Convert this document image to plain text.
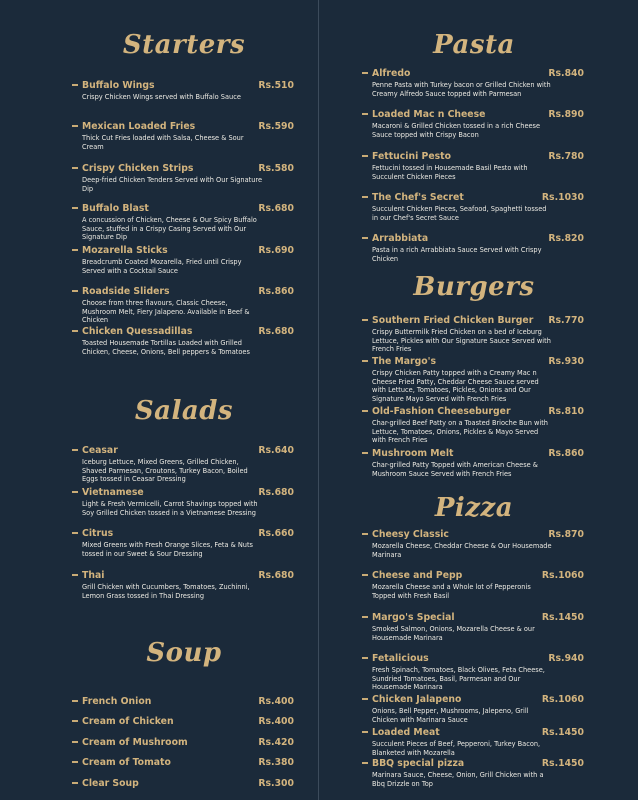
Starters
Buffalo Wings	Rs.510
Crispy Chicken Wings served with Buffalo Sauce
Mexican Loaded Fries	Rs.590
Thick Cut Fries loaded with Salsa, Cheese & Sour Cream
Crispy Chicken Strips	Rs.580
Deep-fried Chicken Tenders Served with Our Signature Dip
Buffalo Blast	Rs.680
A concussion of Chicken, Cheese & Our Spicy Buffalo Sauce, stuffed in a Crispy Casing Served with Our Signature Dip
Mozarella Sticks	Rs.690
Breadcrumb Coated Mozarella, Fried until Crispy Served with a Cocktail Sauce
Roadside Sliders	Rs.860
Choose from three flavours, Classic Cheese, Mushroom Melt, Fiery Jalapeno. Available in Beef & Chicken
Chicken Quessadillas	Rs.680
Toasted Housemade Tortillas Loaded with Grilled Chicken, Cheese, Onions, Bell peppers & Tomatoes
Salads
Ceasar	Rs.640
Iceburg Lettuce, Mixed Greens, Grilled Chicken, Shaved Parmesan, Croutons, Turkey Bacon, Boiled Eggs tossed in Ceasar Dressing
Vietnamese	Rs.680
Light & Fresh Vermicelli, Carrot Shavings topped with Soy Grilled Chicken tossed in a Vietnamese Dressing
Citrus	Rs.660
Mixed Greens with Fresh Orange Slices, Feta & Nuts tossed in our Sweet & Sour Dressing
Thai	Rs.680
Grill Chicken with Cucumbers, Tomatoes, Zuchinni, Lemon Grass tossed in Thai Dressing
Soup
French Onion	Rs.400
Cream of Chicken	Rs.400
Cream of Mushroom	Rs.420
Cream of Tomato	Rs.380
Clear Soup	Rs.300
Pasta
Alfredo	Rs.840
Penne Pasta with Turkey bacon or Grilled Chicken with Creamy Alfredo Sauce topped with Parmesan
Loaded Mac n Cheese	Rs.890
Macaroni & Grilled Chicken tossed in a rich Cheese Sauce topped with Crispy Bacon
Fettucini Pesto	Rs.780
Fettucini tossed in Housemade Basil Pesto with Succulent Chicken Pieces
The Chef's Secret	Rs.1030
Succulent Chicken Pieces, Seafood, Spaghetti tossed in our Chef's Secret Sauce
Arrabbiata	Rs.820
Pasta in a rich Arrabbiata Sauce Served with Crispy Chicken
Burgers
Southern Fried Chicken Burger Rs.770
Crispy Buttermilk Fried Chicken on a bed of Iceburg Lettuce, Pickles with Our Signature Sauce Served with French Fries
The Margo's	Rs.930
Crispy Chicken Patty topped with a Creamy Mac n Cheese Fried Patty, Cheddar Cheese Sauce served with Lettuce, Tomatoes, Pickles, Onions and Our Signature Mayo Served with French Fries
Old-Fashion Cheeseburger	Rs.810
Char-grilled Beef Patty on a Toasted Brioche Bun with Lettuce, Tomatoes, Onions, Pickles & Mayo Served with French Fries
Mushroom Melt	Rs.860
Char-grilled Patty Topped with American Cheese & Mushroom Sauce Served with French Fries
Pizza
Cheesy Classic	Rs.870
Mozarella Cheese, Cheddar Cheese & Our Housemade Marinara
Cheese and Pepp	Rs.1060
Mozarella Cheese and a Whole lot of Pepperonis Topped with Fresh Basil
Margo's Special	Rs.1450
Smoked Salmon, Onions, Mozarella Cheese & our Housemade Marinara
Fetalicious	Rs.940
Fresh Spinach, Tomatoes, Black Olives, Feta Cheese, Sundried Tomatoes, Basil, Parmesan and Our Housemade Marinara
Chicken Jalapeno	Rs.1060
Onions, Bell Pepper, Mushrooms, Jalepeno, Grill Chicken with Marinara Sauce
Loaded Meat	Rs.1450
Succulent Pieces of Beef, Pepperoni, Turkey Bacon, Blanketed with Mozarella
BBQ special pizza	Rs.1450
Marinara Sauce, Cheese, Onion, Grill Chicken with a Bbq Drizzle on Top
